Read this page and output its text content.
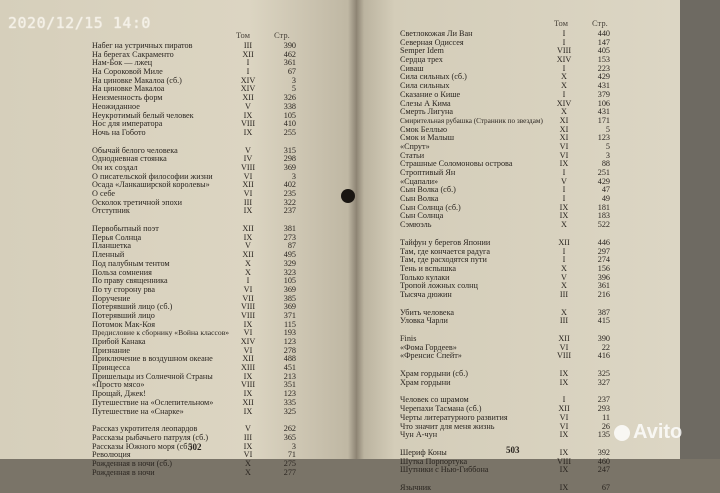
Том	Стр.
Набег на устричных пиратов	III	390
На берегах Сакраменто	XII	462
Нам-Бок — лжец	I	361
На Сороковой Миле	I	67
На циновке Макалоа (сб.)	XIV	3
На циновке Макалоа	XIV	5
Неизменность форм	XII	326
Неожиданное	V	338
Неукротимый белый человек	IX	105
Нос для императора	VIII	410
Ночь на Гобото	IX	255
Обычай белого человека	V	315
Однодневная стоянка	IV	298
Он их создал	VIII	369
О писательской философии жизни	VI	3
Осада «Ланкаширской королевы»	XII	402
О себе	VI	235
Осколок третичной эпохи	III	322
Отступник	IX	237
Первобытный поэт	XII	381
Перья Солнца	IX	273
Планшетка	V	87
Пленный	XII	495
Под палубным тентом	X	329
Польза сомнения	X	323
По праву священника	I	105
По ту сторону рва	VI	369
Поручение	VII	385
Потерявший лицо (сб.)	VIII	369
Потерявший лицо	VIII	371
Потомок Мак-Коя	IX	115
Предисловие к сборнику «Война классов»	VI	193
Прибой Канака	XIV	123
Признание	VI	278
Приключение в воздушном океане	XII	488
Принцесса	XIII	451
Пришельцы из Солнечной Страны	IX	213
«Просто мясо»	VIII	351
Прощай, Джек!	IX	123
Путешествие на «Ослепительном»	XII	335
Путешествие на «Снарке»	IX	325
Рассказ укротителя леопардов	V	262
Рассказы рыбачьего патруля (сб.)	III	365
Рассказы Южного моря (сб.)	IX	3
Революция	VI	71
Рожденная в ночи (сб.)	X	275
Рожденная в ночи	X	277
502
Том	Стр.
Светлокожая Ли Ван	I	440
Северная Одиссея	I	147
Semper Idem	VIII	405
Сердца трех	XIV	153
Сиваш	I	223
Сила сильных (сб.)	X	429
Сила сильных	X	431
Сказание о Кише	I	379
Слезы А Кима	XIV	106
Смерть Лигуна	X	431
Смирительная рубашка (Странник по звездам)	XI	171
Смок Беллью	XI	5
Смок и Малыш	XI	123
«Спрут»	VI	5
Статьи	VI	3
Страшные Соломоновы острова	IX	88
Строптивый Ян	I	251
«Сцапали»	V	429
Сын Волка (сб.)	I	47
Сын Волка	I	49
Сын Солнца (сб.)	IX	181
Сын Солнца	IX	183
Сэмюэль	X	522
Тайфун у берегов Японии	XII	446
Там, где кончается радуга	I	297
Там, где расходятся пути	I	274
Тень и вспышка	X	156
Только кулаки	V	396
Тропой ложных солнц	X	361
Тысяча дюжин	III	216
Убить человека	X	387
Уловка Чарли	III	415
Finis	XII	390
«Фома Гордеев»	VI	22
«Френсис Спейт»	VIII	416
Храм гордыни (сб.)	IX	325
Храм гордыни	IX	327
Человек со шрамом	I	237
Черепахи Тасмана (сб.)	XII	293
Черты литературного развития	VI	11
Что значит для меня жизнь	VI	26
Чун А-чун	IX	135
Шериф Коны	IX	392
Шутка Порпортука	VIII	460
Шутники с Нью-Гиббона	IX	247
Язычник	IX	67
503
2020/12/15 14:0
Avito
